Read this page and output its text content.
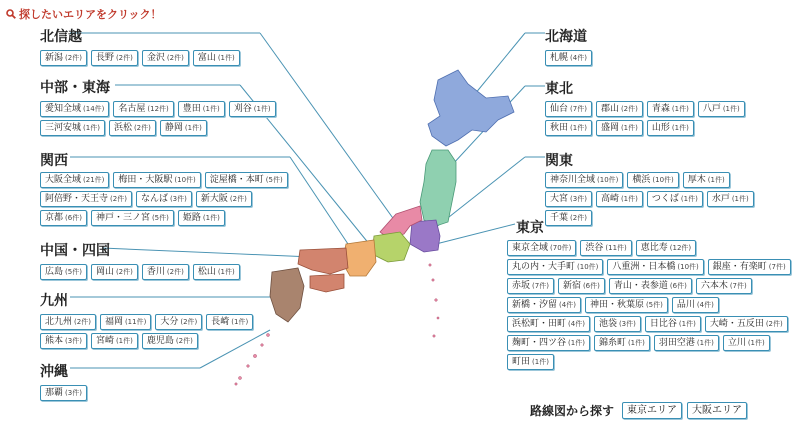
探したいエリアをクリック！
北信越
新潟 (2件) 長野 (2件) 金沢 (2件) 富山 (1件)
中部・東海
愛知全域 (14件) 名古屋 (12件) 豊田 (1件) 刈谷 (1件)
三河安城 (1件) 浜松 (2件) 静岡 (1件)
関西
大阪全域 (21件) 梅田・大阪駅 (10件) 淀屋橋・本町 (5件)
阿倍野・天王寺 (2件) なんば (3件) 新大阪 (2件)
京都 (6件) 神戸・三ノ宮 (5件) 姫路 (1件)
中国・四国
広島 (5件) 岡山 (2件) 香川 (2件) 松山 (1件)
九州
北九州 (2件) 福岡 (11件) 大分 (2件) 長崎 (1件)
熊本 (3件) 宮崎 (1件) 鹿児島 (2件)
沖縄
那覇 (3件)
北海道
札幌 (4件)
東北
仙台 (7件) 郡山 (2件) 青森 (1件) 八戸 (1件)
秋田 (1件) 盛岡 (1件) 山形 (1件)
関東
神奈川全域 (10件) 横浜 (10件) 厚木 (1件)
大宮 (3件) 高崎 (1件) つくば (1件) 水戸 (1件)
千葉 (2件)
東京
東京全域 (70件) 渋谷 (11件) 恵比寿 (12件)
丸の内・大手町 (10件) 八重洲・日本橋 (10件) 銀座・有楽町 (7件)
赤坂 (7件) 新宿 (6件) 青山・表参道 (6件) 六本木 (7件)
新橋・汐留 (4件) 神田・秋葉原 (5件) 品川 (4件)
浜松町・田町 (4件) 池袋 (3件) 日比谷 (1件) 大崎・五反田 (2件)
麹町・四ツ谷 (1件) 錦糸町 (1件) 羽田空港 (1件) 立川 (1件)
町田 (1件)
路線図から探す	東京エリア	大阪エリア
